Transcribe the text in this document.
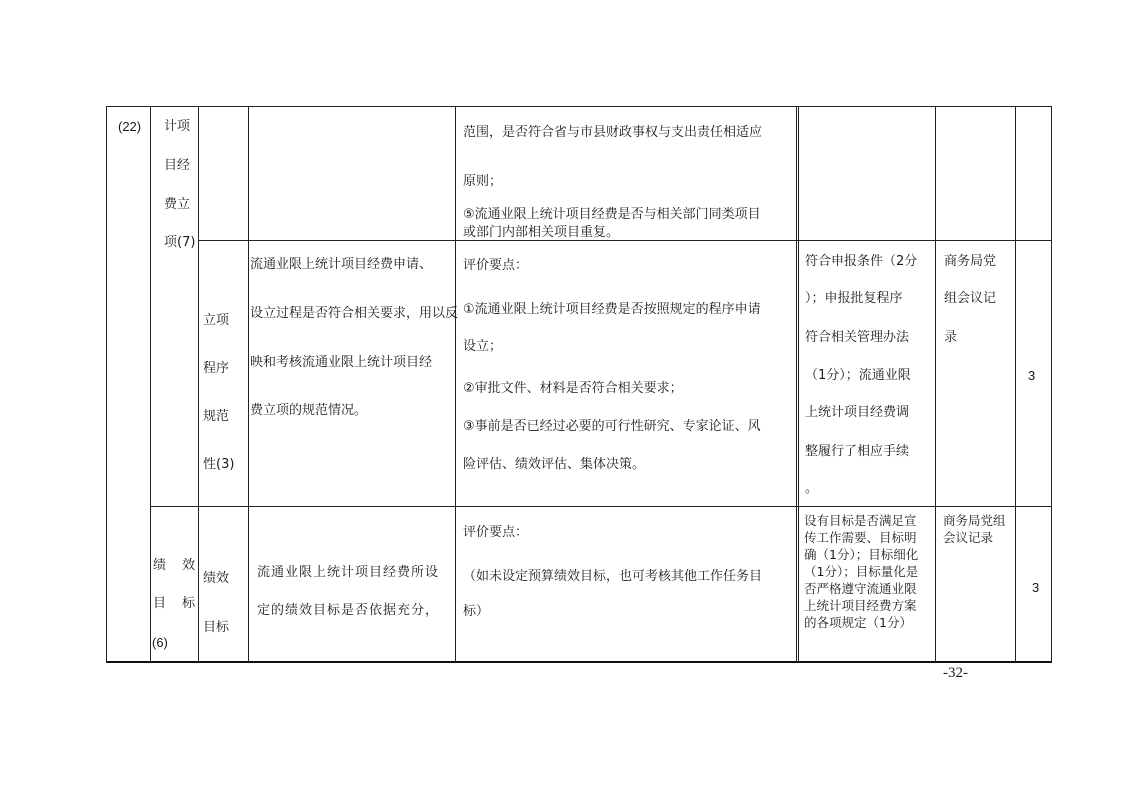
(22) 计项
目经
费立
项(7)
范围，是否符合省与市县财政事权与支出责任相适应
原则；
⑤流通业限上统计项目经费是否与相关部门同类项目
或部门内部相关项目重复。
立项
程序
规范
性(3)
流通业限上统计项目经费申请、
设立过程是否符合相关要求，用以反
映和考核流通业限上统计项目经
费立项的规范情况。
评价要点：
①流通业限上统计项目经费是否按照规定的程序申请
设立；
②审批文件、材料是否符合相关要求；
③事前是否已经过必要的可行性研究、专家论证、风
险评估、绩效评估、集体决策。
符合申报条件（2分
）；申报批复程序
符合相关管理办法
（1分）；流通业限
上统计项目经费调
整履行了相应手续
。
商务局党
组会议记
录
3
绩 效
目 标
(6)
绩效
目标
流通业限上统计项目经费所设
定的绩效目标是否依据充分，
评价要点：
（如未设定预算绩效目标，也可考核其他工作任务目
标）
设有目标是否满足宣
传工作需要、目标明
确（1分）；目标细化
（1分）；目标量化是
否严格遵守流通业限
上统计项目经费方案
的各项规定（1分）
商务局党组
会议记录
3
-32-
